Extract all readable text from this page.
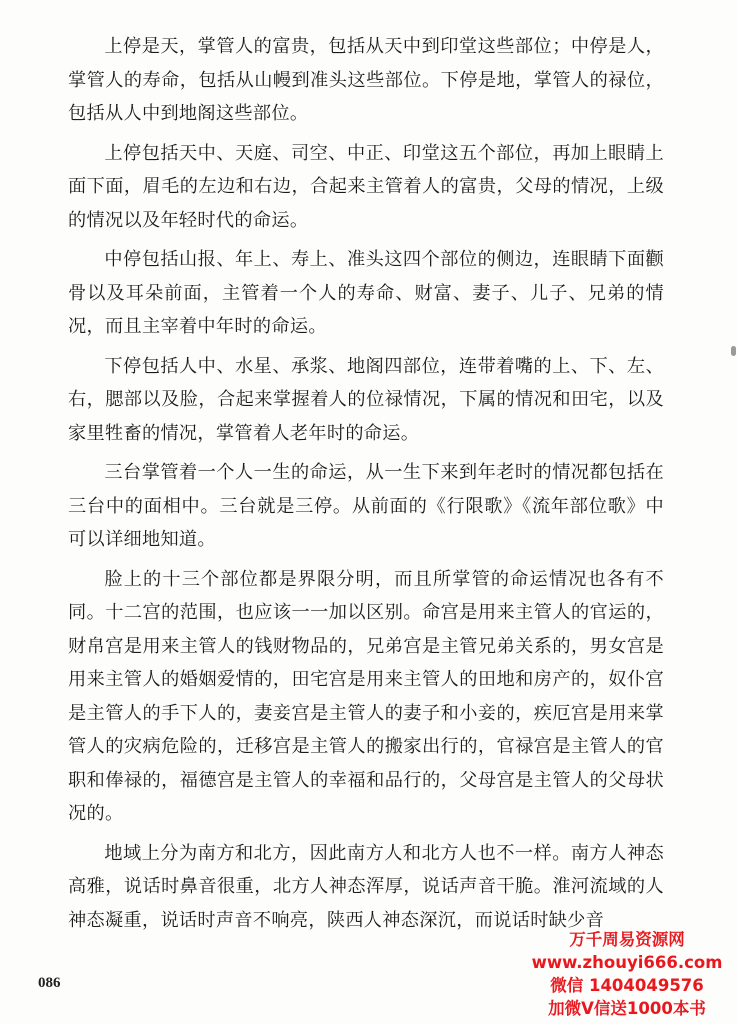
上停是天，掌管人的富贵，包括从天中到印堂这些部位；中停是人，掌管人的寿命，包括从山幔到准头这些部位。下停是地，掌管人的禄位，包括从人中到地阁这些部位。

上停包括天中、天庭、司空、中正、印堂这五个部位，再加上眼睛上面下面，眉毛的左边和右边，合起来主管着人的富贵，父母的情况，上级的情况以及年轻时代的命运。

中停包括山报、年上、寿上、准头这四个部位的侧边，连眼睛下面颧骨以及耳朵前面，主管着一个人的寿命、财富、妻子、儿子、兄弟的情况，而且主宰着中年时的命运。

下停包括人中、水星、承浆、地阁四部位，连带着嘴的上、下、左、右，腮部以及脸，合起来掌握着人的位禄情况，下属的情况和田宅，以及家里牲畜的情况，掌管着人老年时的命运。

三台掌管着一个人一生的命运，从一生下来到年老时的情况都包括在三台中的面相中。三台就是三停。从前面的《行限歌》《流年部位歌》中可以详细地知道。

脸上的十三个部位都是界限分明，而且所掌管的命运情况也各有不同。十二宫的范围，也应该一一加以区别。命宫是用来主管人的官运的，财帛宫是用来主管人的钱财物品的，兄弟宫是主管兄弟关系的，男女宫是用来主管人的婚姻爱情的，田宅宫是用来主管人的田地和房产的，奴仆宫是主管人的手下人的，妻妾宫是主管人的妻子和小妾的，疾厄宫是用来掌管人的灾病危险的，迁移宫是主管人的搬家出行的，官禄宫是主管人的官职和俸禄的，福德宫是主管人的幸福和品行的，父母宫是主管人的父母状况的。

地域上分为南方和北方，因此南方人和北方人也不一样。南方人神态高雅，说话时鼻音很重，北方人神态浑厚，说话声音干脆。淮河流域的人神态凝重，说话时声音不响亮，陕西人神态深沉，而说话时缺少音

086
万千周易资源网
www.zhouyi666.com
微信 1404049576
加微V信送1000本书
